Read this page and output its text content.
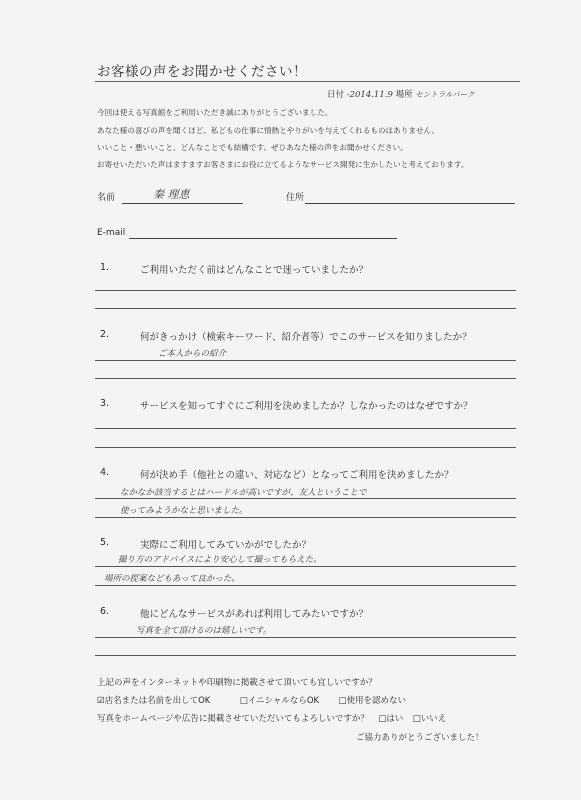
お客様の声をお聞かせください！
日付 -2014.11.9 場所 セントラルパーク
今回は使える写真館をご利用いただき誠にありがとうございました。
あなた様の喜びの声を聞くほど、私どもの仕事に情熱とやりがいを与えてくれるものはありません。
いいこと・悪いいこと、どんなことでも結構です。ぜひあなた様の声をお聞かせください。
お寄せいただいた声はますますお客さまにお役に立てるようなサービス開発に生かしたいと考えております。
名前	秦 理恵	住所
E-mail
1.	ご利用いただく前はどんなことで迷っていましたか？
2.	何がきっかけ（検索キーワード、紹介者等）でこのサービスを知りましたか？
ご本人からの紹介
3.	サービスを知ってすぐにご利用を決めましたか？しなかったのはなぜですか？
4.	何が決め手（他社との違い、対応など）となってご利用を決めましたか？
なかなか該当するとはハードルが高いですが、友人ということで
使ってみようかなと思いました。
5.	実際にご利用してみていかがでしたか？
撮り方のアドバイスにより安心して撮ってもらえた。
場所の提案などもあって良かった。
6.	他にどんなサービスがあれば利用してみたいですか？
写真を全て頂けるのは嬉しいです。
上記の声をインターネットや印刷物に掲載させて頂いても宜しいですか？
☑店名または名前を出してOK	□イニシャルならOK □使用を認めない
写真をホームページや広告に掲載させていただいてもよろしいですか？ □はい □いいえ
ご協力ありがとうございました！
